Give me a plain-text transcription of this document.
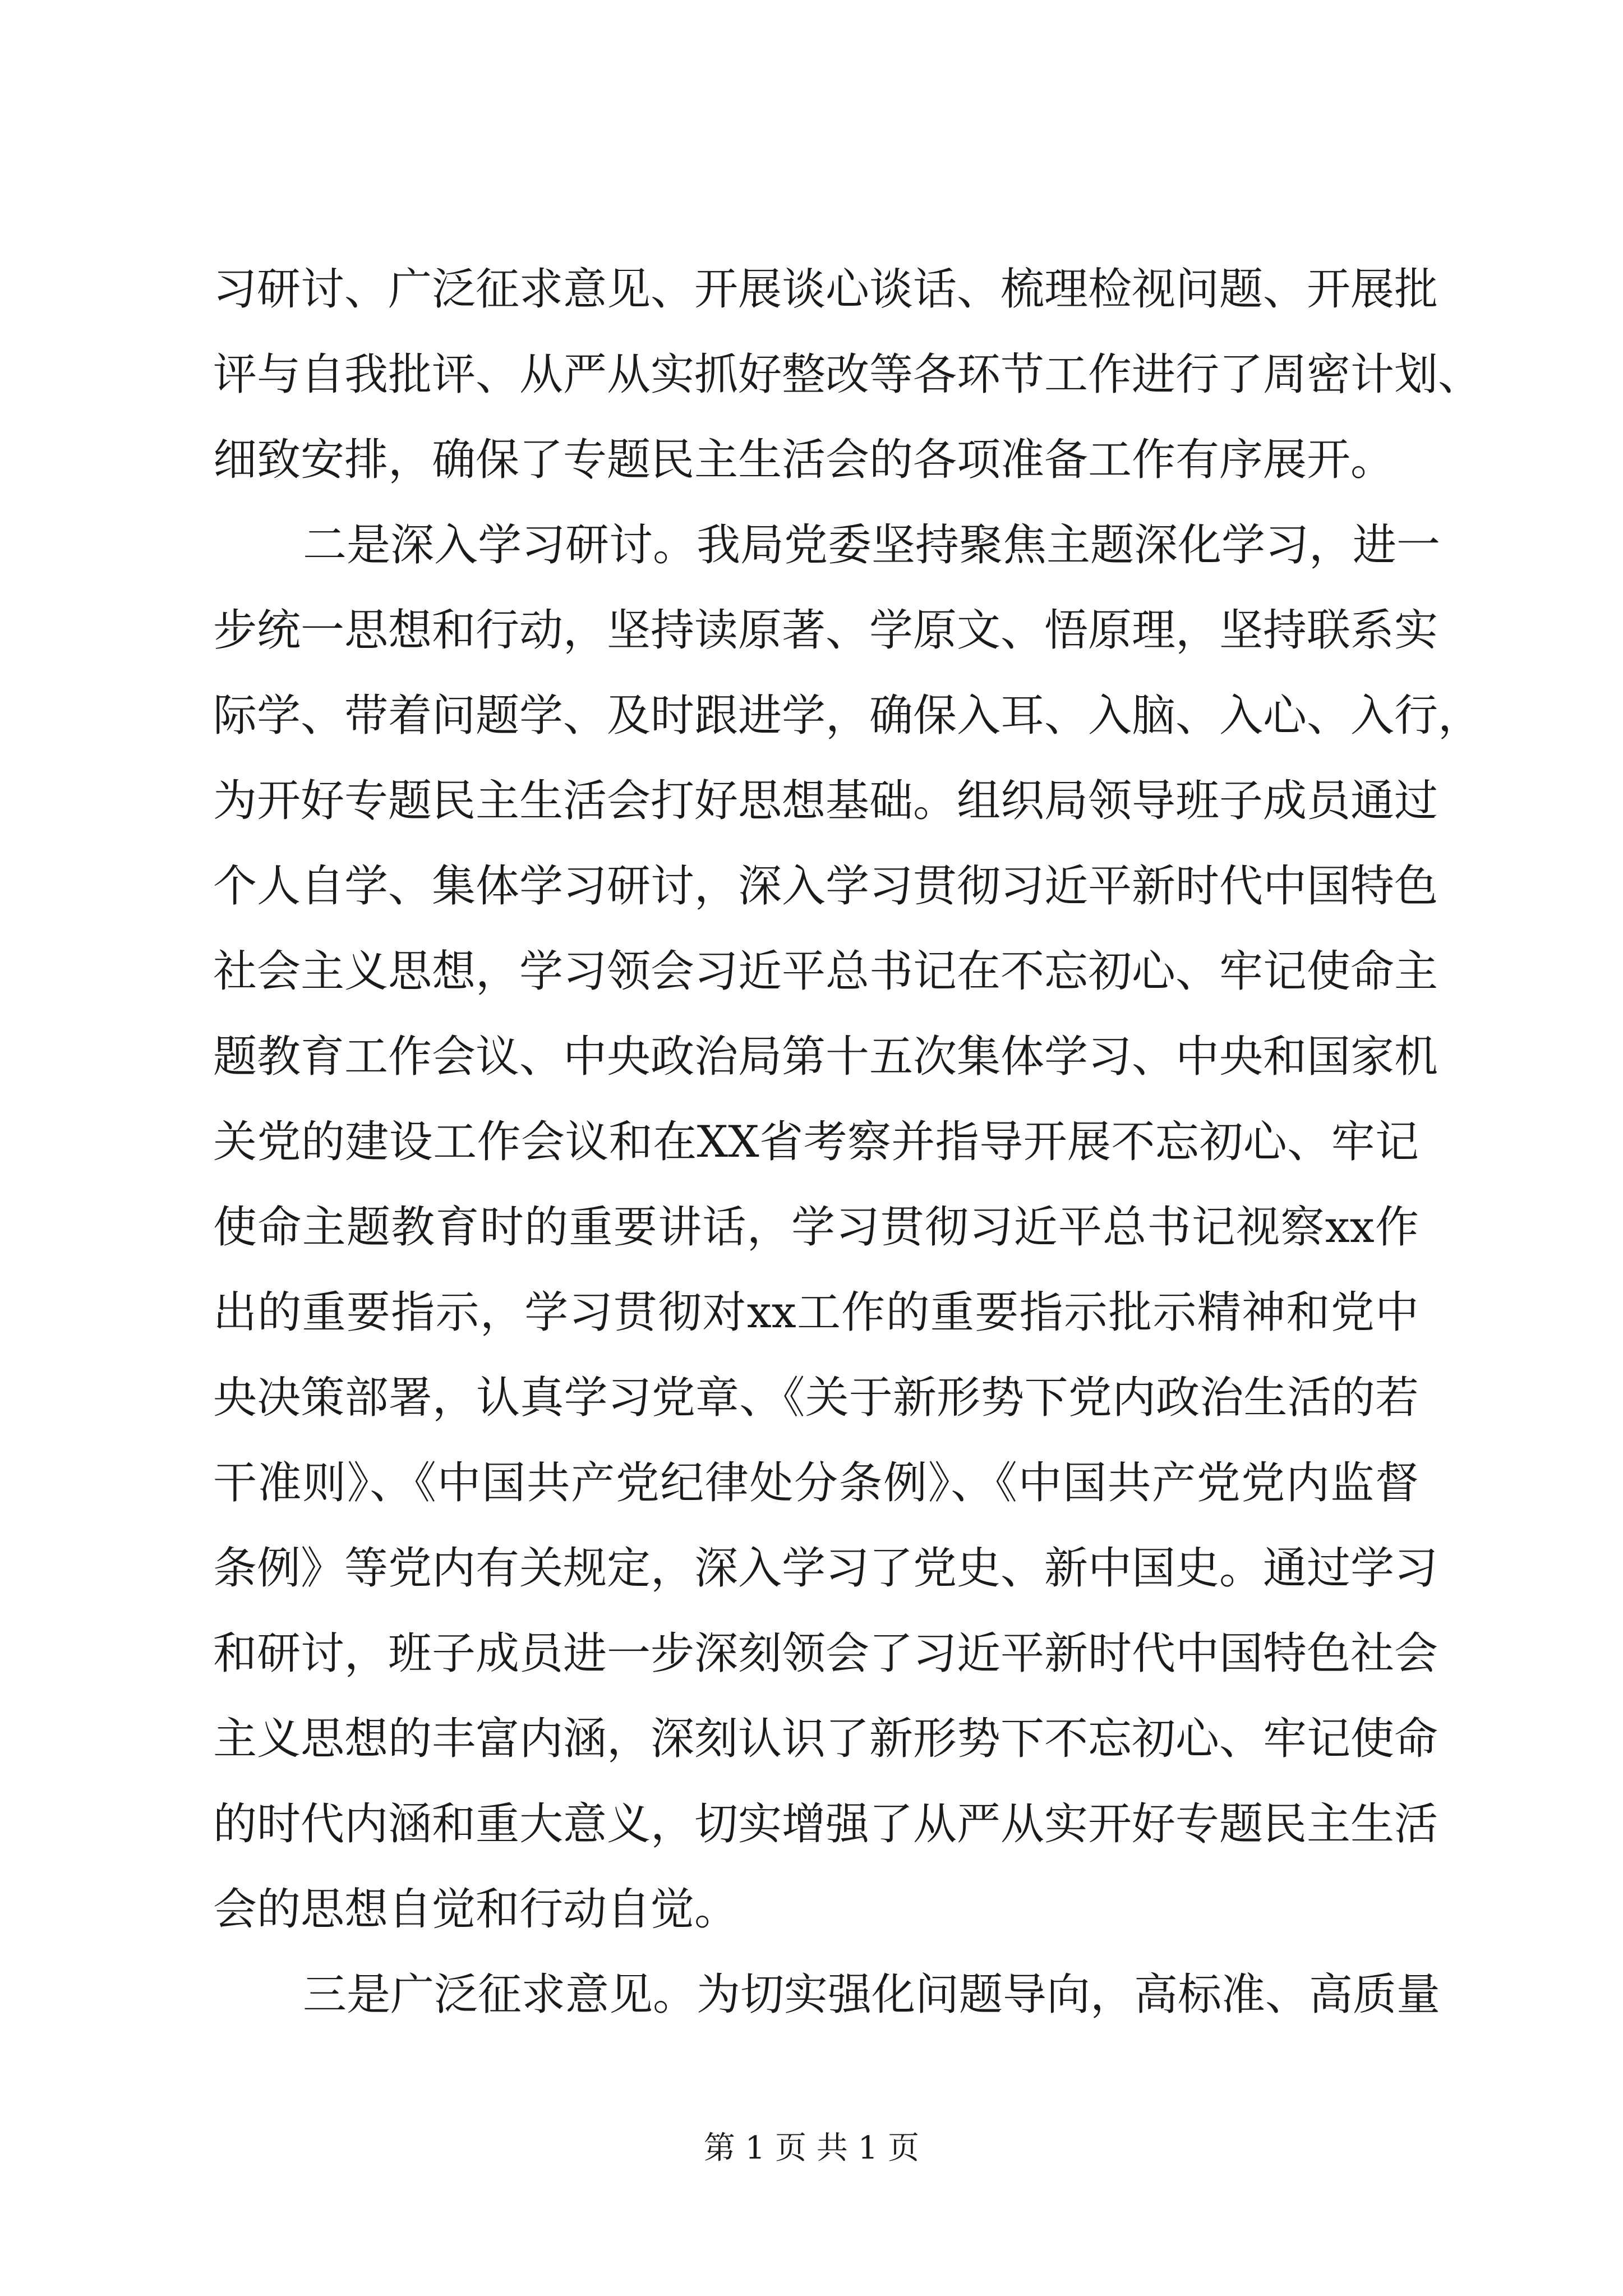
习研讨、广泛征求意见、开展谈心谈话、梳理检视问题、开展批
评与自我批评、从严从实抓好整改等各环节工作进行了周密计划、
细致安排，确保了专题民主生活会的各项准备工作有序展开。
二是深入学习研讨。我局党委坚持聚焦主题深化学习，进一
步统一思想和行动，坚持读原著、学原文、悟原理，坚持联系实
际学、带着问题学、及时跟进学，确保入耳、入脑、入心、入行，
为开好专题民主生活会打好思想基础。组织局领导班子成员通过
个人自学、集体学习研讨，深入学习贯彻习近平新时代中国特色
社会主义思想，学习领会习近平总书记在不忘初心、牢记使命主
题教育工作会议、中央政治局第十五次集体学习、中央和国家机
关党的建设工作会议和在XX省考察并指导开展不忘初心、牢记
使命主题教育时的重要讲话，学习贯彻习近平总书记视察xx作
出的重要指示，学习贯彻对xx工作的重要指示批示精神和党中
央决策部署，认真学习党章、《关于新形势下党内政治生活的若
干准则》、《中国共产党纪律处分条例》、《中国共产党党内监督
条例》等党内有关规定，深入学习了党史、新中国史。通过学习
和研讨，班子成员进一步深刻领会了习近平新时代中国特色社会
主义思想的丰富内涵，深刻认识了新形势下不忘初心、牢记使命
的时代内涵和重大意义，切实增强了从严从实开好专题民主生活
会的思想自觉和行动自觉。
三是广泛征求意见。为切实强化问题导向，高标准、高质量
第 1 页 共 1 页
